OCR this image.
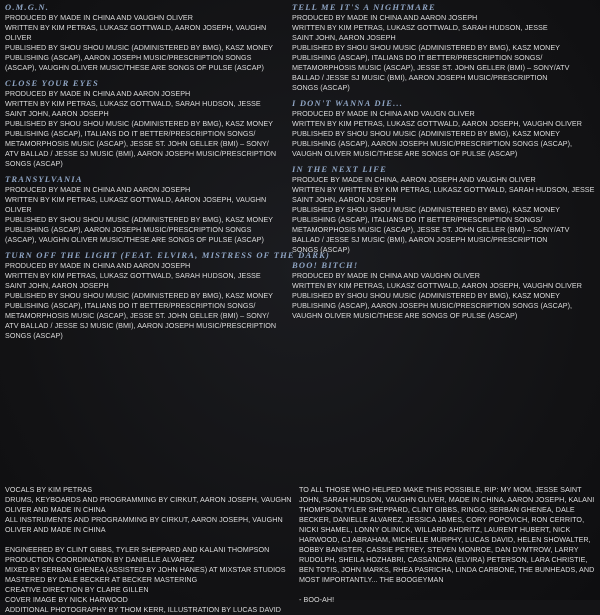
O.M.G.N.
PRODUCED BY MADE IN CHINA AND VAUGHN OLIVER
WRITTEN BY KIM PETRAS, LUKASZ GOTTWALD, AARON JOSEPH, VAUGHN
OLIVER
PUBLISHED BY SHOU SHOU MUSIC (ADMINISTERED BY BMG), KASZ MONEY
PUBLISHING (ASCAP), AARON JOSEPH MUSIC/PRESCRIPTION SONGS
(ASCAP), VAUGHN OLIVER MUSIC/THESE ARE SONGS OF PULSE (ASCAP)
CLOSE YOUR EYES
PRODUCED BY MADE IN CHINA AND AARON JOSEPH
WRITTEN BY KIM PETRAS, LUKASZ GOTTWALD, SARAH HUDSON, JESSE
SAINT JOHN, AARON JOSEPH
PUBLISHED BY SHOU SHOU MUSIC (ADMINISTERED BY BMG), KASZ MONEY
PUBLISHING (ASCAP), ITALIANS DO IT BETTER/PRESCRIPTION SONGS/
METAMORPHOSIS MUSIC (ASCAP), JESSE ST. JOHN GELLER (BMI) – SONY/
ATV BALLAD / JESSE SJ MUSIC (BMI), AARON JOSEPH MUSIC/PRESCRIPTION
SONGS (ASCAP)
TRANSYLVANIA
PRODUCED BY MADE IN CHINA AND AARON JOSEPH
WRITTEN BY KIM PETRAS, LUKASZ GOTTWALD, AARON JOSEPH, VAUGHN
OLIVER
PUBLISHED BY SHOU SHOU MUSIC (ADMINISTERED BY BMG), KASZ MONEY
PUBLISHING (ASCAP), AARON JOSEPH MUSIC/PRESCRIPTION SONGS
(ASCAP), VAUGHN OLIVER MUSIC/THESE ARE SONGS OF PULSE (ASCAP)
TURN OFF THE LIGHT (FEAT. ELVIRA, MISTRESS OF THE DARK)
PRODUCED BY MADE IN CHINA AND AARON JOSEPH
WRITTEN BY KIM PETRAS, LUKASZ GOTTWALD, SARAH HUDSON, JESSE
SAINT JOHN, AARON JOSEPH
PUBLISHED BY SHOU SHOU MUSIC (ADMINISTERED BY BMG), KASZ MONEY
PUBLISHING (ASCAP), ITALIANS DO IT BETTER/PRESCRIPTION SONGS/
METAMORPHOSIS MUSIC (ASCAP), JESSE ST. JOHN GELLER (BMI) – SONY/
ATV BALLAD / JESSE SJ MUSIC (BMI), AARON JOSEPH MUSIC/PRESCRIPTION
SONGS (ASCAP)
TELL ME IT'S A NIGHTMARE
PRODUCED BY MADE IN CHINA AND AARON JOSEPH
WRITTEN BY KIM PETRAS, LUKASZ GOTTWALD, SARAH HUDSON, JESSE
SAINT JOHN, AARON JOSEPH
PUBLISHED BY SHOU SHOU MUSIC (ADMINISTERED BY BMG), KASZ MONEY
PUBLISHING (ASCAP), ITALIANS DO IT BETTER/PRESCRIPTION SONGS/
METAMORPHOSIS MUSIC (ASCAP), JESSE ST. JOHN GELLER (BMI) – SONY/ATV
BALLAD / JESSE SJ MUSIC (BMI), AARON JOSEPH MUSIC/PRESCRIPTION
SONGS (ASCAP)
I DON'T WANNA DIE...
PRODUCED BY MADE IN CHINA AND VAUGN OLIVER
WRITTEN BY KIM PETRAS, LUKASZ GOTTWALD, AARON JOSEPH, VAUGHN OLIVER
PUBLISHED BY SHOU SHOU MUSIC (ADMINISTERED BY BMG), KASZ MONEY
PUBLISHING (ASCAP), AARON JOSEPH MUSIC/PRESCRIPTION SONGS (ASCAP),
VAUGHN OLIVER MUSIC/THESE ARE SONGS OF PULSE (ASCAP)
IN THE NEXT LIFE
PRODUCE BY MADE IN CHINA, AARON JOSEPH AND VAUGHN OLIVER
WRITTEN BY WRITTEN BY KIM PETRAS, LUKASZ GOTTWALD, SARAH HUDSON, JESSE
SAINT JOHN, AARON JOSEPH
PUBLISHED BY SHOU SHOU MUSIC (ADMINISTERED BY BMG), KASZ MONEY
PUBLISHING (ASCAP), ITALIANS DO IT BETTER/PRESCRIPTION SONGS/
METAMORPHOSIS MUSIC (ASCAP), JESSE ST. JOHN GELLER (BMI) – SONY/ATV
BALLAD / JESSE SJ MUSIC (BMI), AARON JOSEPH MUSIC/PRESCRIPTION
SONGS (ASCAP)
BOO! BITCH!
PRODUCED BY MADE IN CHINA AND VAUGHN OLIVER
WRITTEN BY KIM PETRAS, LUKASZ GOTTWALD, AARON JOSEPH, VAUGHN OLIVER
PUBLISHED BY SHOU SHOU MUSIC (ADMINISTERED BY BMG), KASZ MONEY
PUBLISHING (ASCAP), AARON JOSEPH MUSIC/PRESCRIPTION SONGS (ASCAP),
VAUGHN OLIVER MUSIC/THESE ARE SONGS OF PULSE (ASCAP)
VOCALS BY KIM PETRAS
DRUMS, KEYBOARDS AND PROGRAMMING BY CIRKUT, AARON JOSEPH, VAUGHN
OLIVER AND MADE IN CHINA
ALL INSTRUMENTS AND PROGRAMMING BY CIRKUT, AARON JOSEPH, VAUGHN
OLIVER AND MADE IN CHINA
ENGINEERED BY CLINT GIBBS, TYLER SHEPPARD AND KALANI THOMPSON
PRODUCTION COORDINATION BY DANIELLE ALVAREZ
MIXED BY SERBAN GHENEA (ASSISTED BY JOHN HANES) AT MIXSTAR STUDIOS
MASTERED BY DALE BECKER AT BECKER MASTERING
CREATIVE DIRECTION BY CLARE GILLEN
COVER IMAGE BY NICK HARWOOD
ADDITIONAL PHOTOGRAPHY BY THOM KERR, ILLUSTRATION BY LUCAS DAVID
TO ALL THOSE WHO HELPED MAKE THIS POSSIBLE, RIP: MY MOM, JESSE SAINT
JOHN, SARAH HUDSON, VAUGHN OLIVER, MADE IN CHINA, AARON JOSEPH, KALANI
THOMPSON,TYLER SHEPPARD, CLINT GIBBS, RINGO, SERBAN GHENEA, DALE
BECKER, DANIELLE ALVAREZ, JESSICA JAMES, CORY POPOVICH, RON CERRITO,
NICKI SHAMEL, LONNY OLINICK, WILLARD AHDRITZ, LAURENT HUBERT, NICK
HARWOOD, CJ ABRAHAM, MICHELLE MURPHY, LUCAS DAVID, HELEN SHOWALTER,
BOBBY BANISTER, CASSIE PETREY, STEVEN MONROE, DAN DYMTROW, LARRY
RUDOLPH, SHEILA HOZHABRI, CASSANDRA (ELVIRA) PETERSON, LARA CHRISTIE,
BEN TOTIS, JOHN MARKS, RHEA PASRICHA, LINDA CARBONE, THE BUNHEADS, AND
MOST IMPORTANTLY... THE BOOGEYMAN
- BOO-AH!
